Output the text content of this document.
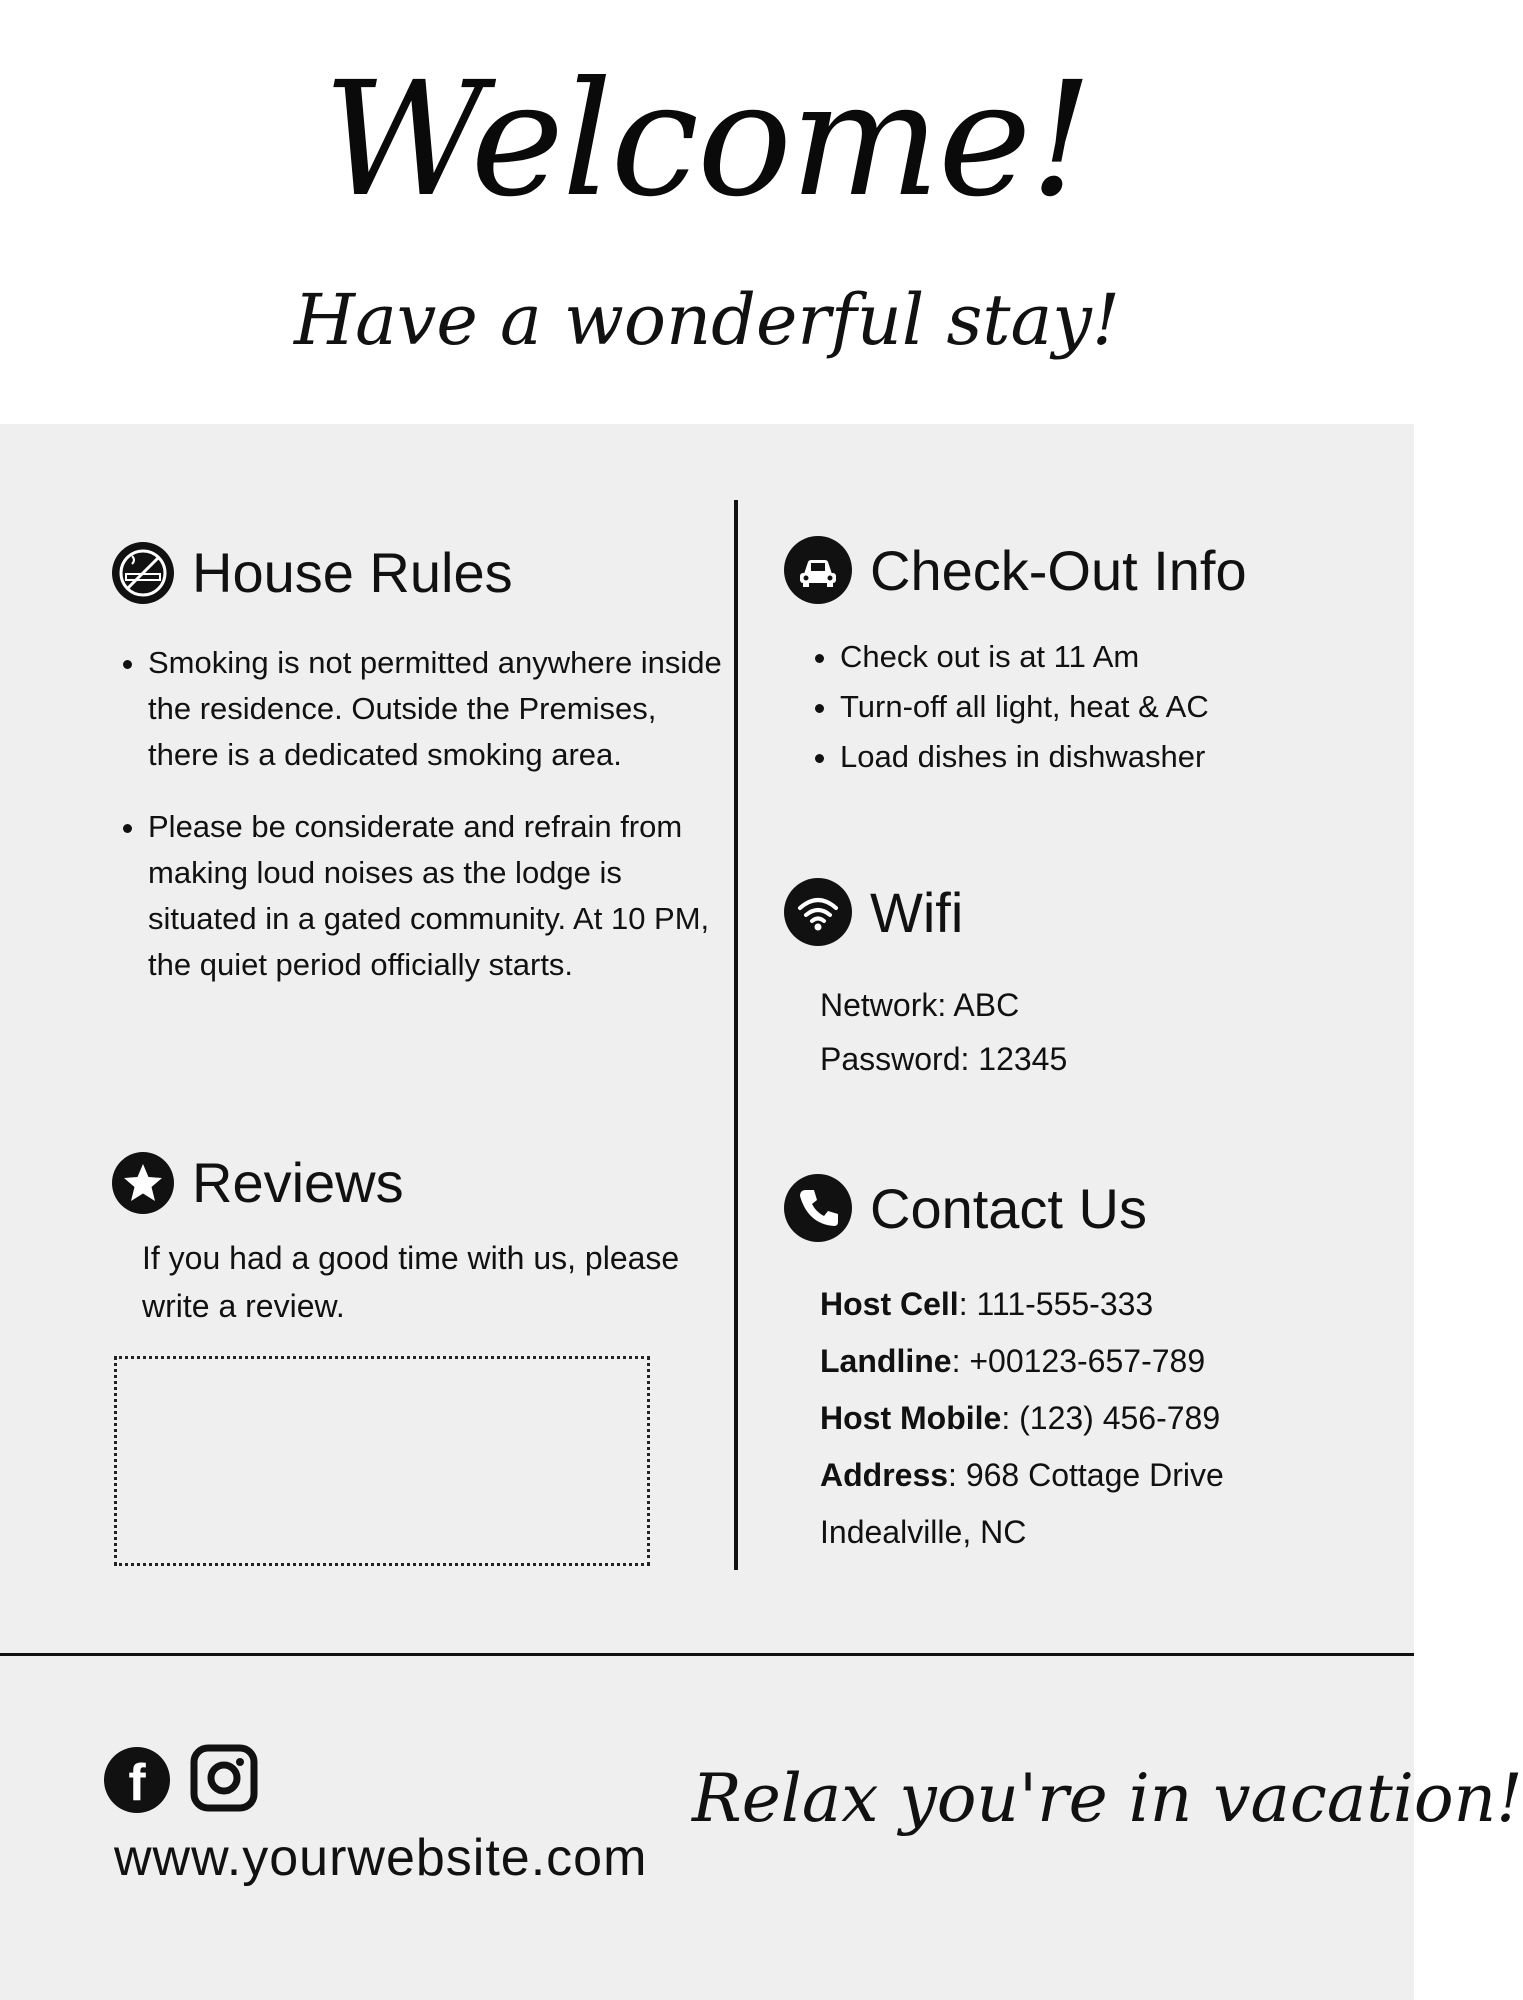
Welcome!
Have a wonderful stay!
House Rules
• Smoking is not permitted anywhere inside the residence. Outside the Premises, there is a dedicated smoking area.
• Please be considerate and refrain from making loud noises as the lodge is situated in a gated community. At 10 PM, the quiet period officially starts.
Reviews
If you had a good time with us, please write a review.
Check-Out Info
• Check out is at 11 Am
• Turn-off all light, heat & AC
• Load dishes in dishwasher
Wifi
Network: ABC
Password: 12345
Contact Us
Host Cell: 111-555-333
Landline: +00123-657-789
Host Mobile: (123) 456-789
Address: 968 Cottage Drive
Indealville, NC
f
www.yourwebsite.com
Relax you're in vacation!
